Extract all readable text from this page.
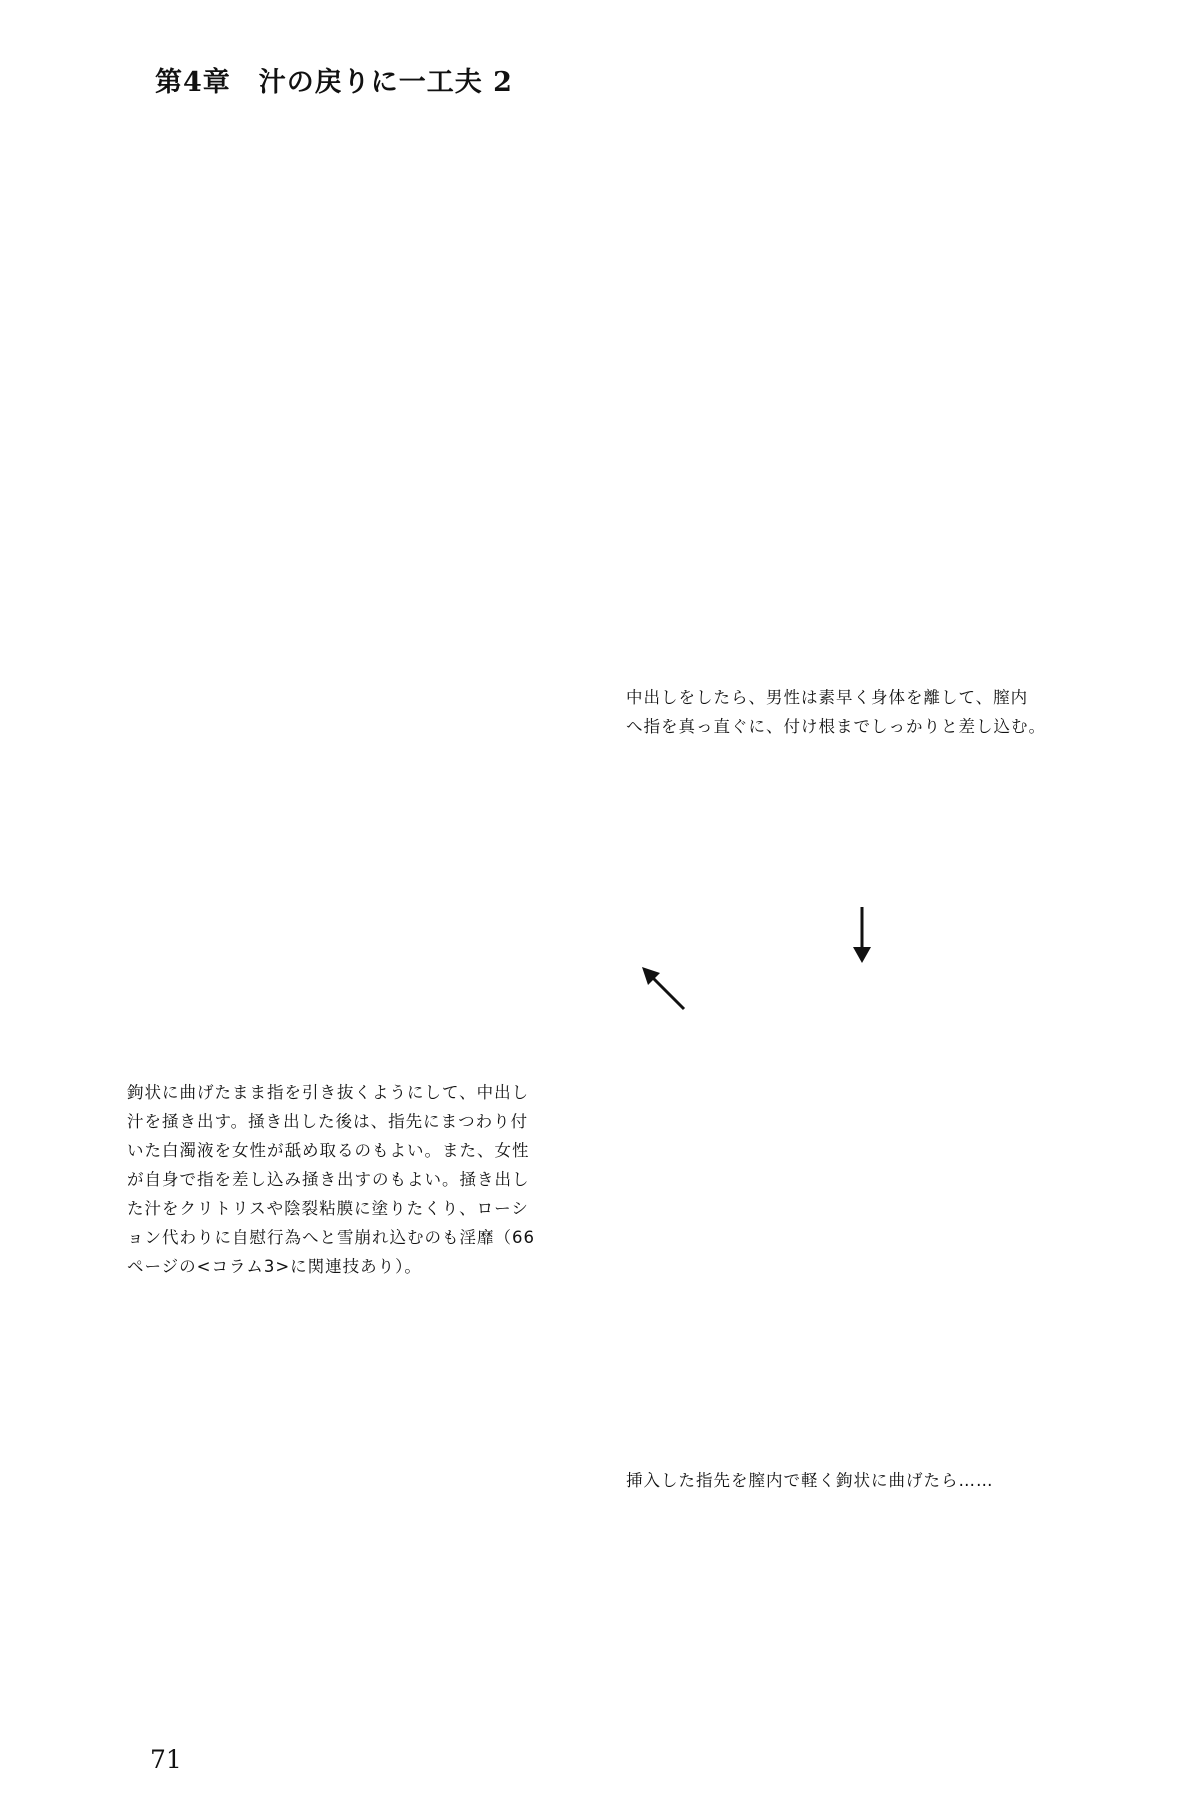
第4章　汁の戻りに一工夫 2
中出しをしたら、男性は素早く身体を離して、膣内
へ指を真っ直ぐに、付け根までしっかりと差し込む。
鉤状に曲げたまま指を引き抜くようにして、中出し
汁を掻き出す。掻き出した後は、指先にまつわり付
いた白濁液を女性が舐め取るのもよい。また、女性
が自身で指を差し込み掻き出すのもよい。掻き出し
た汁をクリトリスや陰裂粘膜に塗りたくり、ローシ
ョン代わりに自慰行為へと雪崩れ込むのも淫靡（66
ページの<コラム3>に関連技あり）。
挿入した指先を膣内で軽く鉤状に曲げたら……
71
